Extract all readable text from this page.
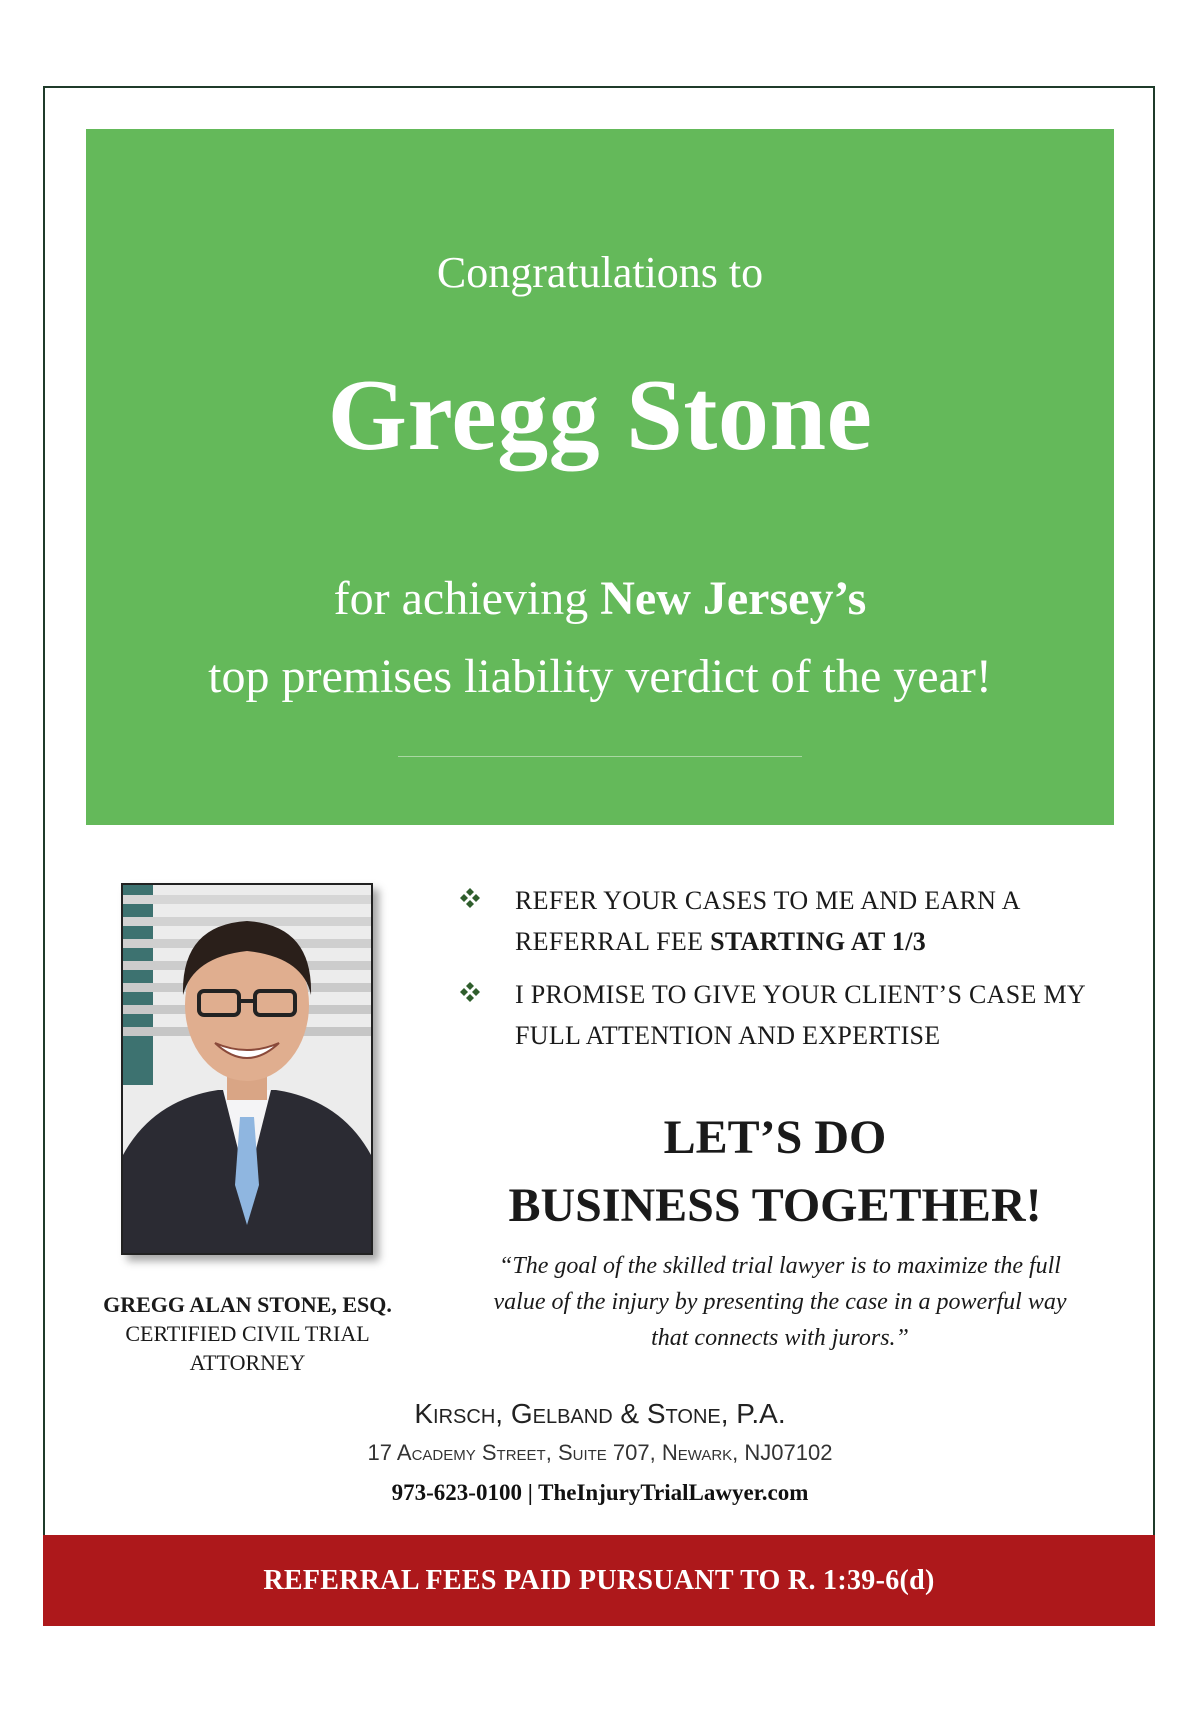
Congratulations to
Gregg Stone
for achieving New Jersey’s
top premises liability verdict of the year!
GREGG ALAN STONE, ESQ.
CERTIFIED CIVIL TRIAL
ATTORNEY
REFER YOUR CASES TO ME AND EARN A
REFERRAL FEE STARTING AT 1/3
I PROMISE TO GIVE YOUR CLIENT’S CASE MY
FULL ATTENTION AND EXPERTISE
LET’S DO
BUSINESS TOGETHER!
“The goal of the skilled trial lawyer is to maximize the full
value of the injury by presenting the case in a powerful way
that connects with jurors.”
Kirsch, Gelband & Stone, P.A.
17 Academy Street, Suite 707, Newark, NJ07102
973-623-0100 | TheInjuryTrialLawyer.com
REFERRAL FEES PAID PURSUANT TO R. 1:39-6(d)
